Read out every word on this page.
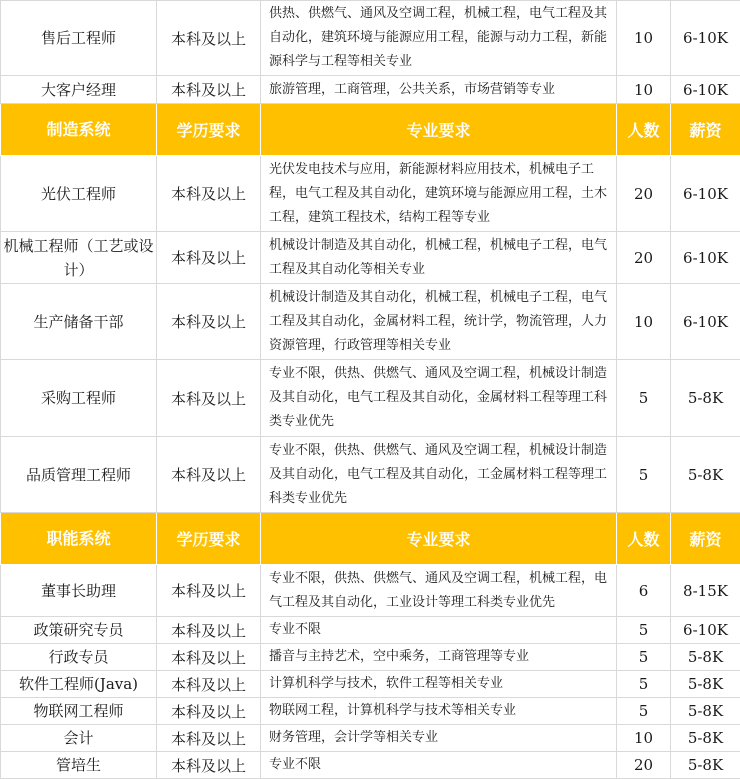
售后工程师	本科及以上	供热、供燃气、通风及空调工程，机械工程，电气工程及其自动化，建筑环境与能源应用工程，能源与动力工程，新能源科学与工程等相关专业	10	6-10K
大客户经理	本科及以上	旅游管理，工商管理，公共关系，市场营销等专业	10	6-10K
制造系统	学历要求	专业要求	人数	薪资
光伏工程师	本科及以上	光伏发电技术与应用，新能源材料应用技术，机械电子工程，电气工程及其自动化，建筑环境与能源应用工程，土木工程，建筑工程技术，结构工程等专业	20	6-10K
机械工程师（工艺或设计）	本科及以上	机械设计制造及其自动化，机械工程，机械电子工程，电气工程及其自动化等相关专业	20	6-10K
生产储备干部	本科及以上	机械设计制造及其自动化，机械工程，机械电子工程，电气工程及其自动化，金属材料工程，统计学，物流管理，人力资源管理，行政管理等相关专业	10	6-10K
采购工程师	本科及以上	专业不限，供热、供燃气、通风及空调工程，机械设计制造及其自动化，电气工程及其自动化，金属材料工程等理工科类专业优先	5	5-8K
品质管理工程师	本科及以上	专业不限，供热、供燃气、通风及空调工程，机械设计制造及其自动化，电气工程及其自动化，工金属材料工程等理工科类专业优先	5	5-8K
职能系统	学历要求	专业要求	人数	薪资
董事长助理	本科及以上	专业不限，供热、供燃气、通风及空调工程，机械工程，电气工程及其自动化，工业设计等理工科类专业优先	6	8-15K
政策研究专员	本科及以上	专业不限	5	6-10K
行政专员	本科及以上	播音与主持艺术，空中乘务，工商管理等专业	5	5-8K
软件工程师(Java)	本科及以上	计算机科学与技术，软件工程等相关专业	5	5-8K
物联网工程师	本科及以上	物联网工程，计算机科学与技术等相关专业	5	5-8K
会计	本科及以上	财务管理，会计学等相关专业	10	5-8K
管培生	本科及以上	专业不限	20	5-8K
